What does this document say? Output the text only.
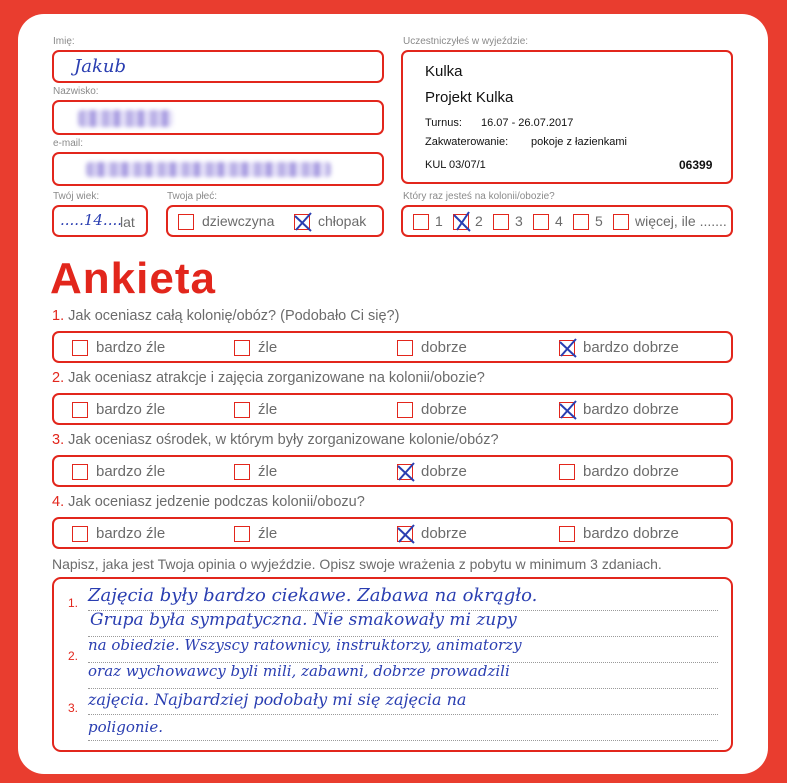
Imię:
Jakub
Nazwisko:
e-mail:
Twój wiek:
.....14....
lat
Twoja płeć:
dziewczyna	chłopak
Uczestniczyłeś w wyjeździe:
Kulka
Projekt Kulka
Turnus: 16.07 - 26.07.2017
Zakwaterowanie: pokoje z łazienkami
KUL 03/07/1	06399
Który raz jesteś na kolonii/obozie?
1 2 3 4 5 więcej, ile .......
Ankieta
1. Jak oceniasz całą kolonię/obóz? (Podobało Ci się?)
bardzo źle	źle	dobrze	bardzo dobrze
2. Jak oceniasz atrakcje i zajęcia zorganizowane na kolonii/obozie?
bardzo źle	źle	dobrze	bardzo dobrze
3. Jak oceniasz ośrodek, w którym były zorganizowane kolonie/obóz?
bardzo źle	źle	dobrze	bardzo dobrze
4. Jak oceniasz jedzenie podczas kolonii/obozu?
bardzo źle	źle	dobrze	bardzo dobrze
Napisz, jaka jest Twoja opinia o wyjeździe. Opisz swoje wrażenia z pobytu w minimum 3 zdaniach.
1.
2.
3.
Zajęcia były bardzo ciekawe. Zabawa na okrągło.
Grupa była sympatyczna. Nie smakowały mi zupy
na obiedzie. Wszyscy ratownicy, instruktorzy, animatorzy
oraz wychowawcy byli mili, zabawni, dobrze prowadzili
zajęcia. Najbardziej podobały mi się zajęcia na
poligonie.
